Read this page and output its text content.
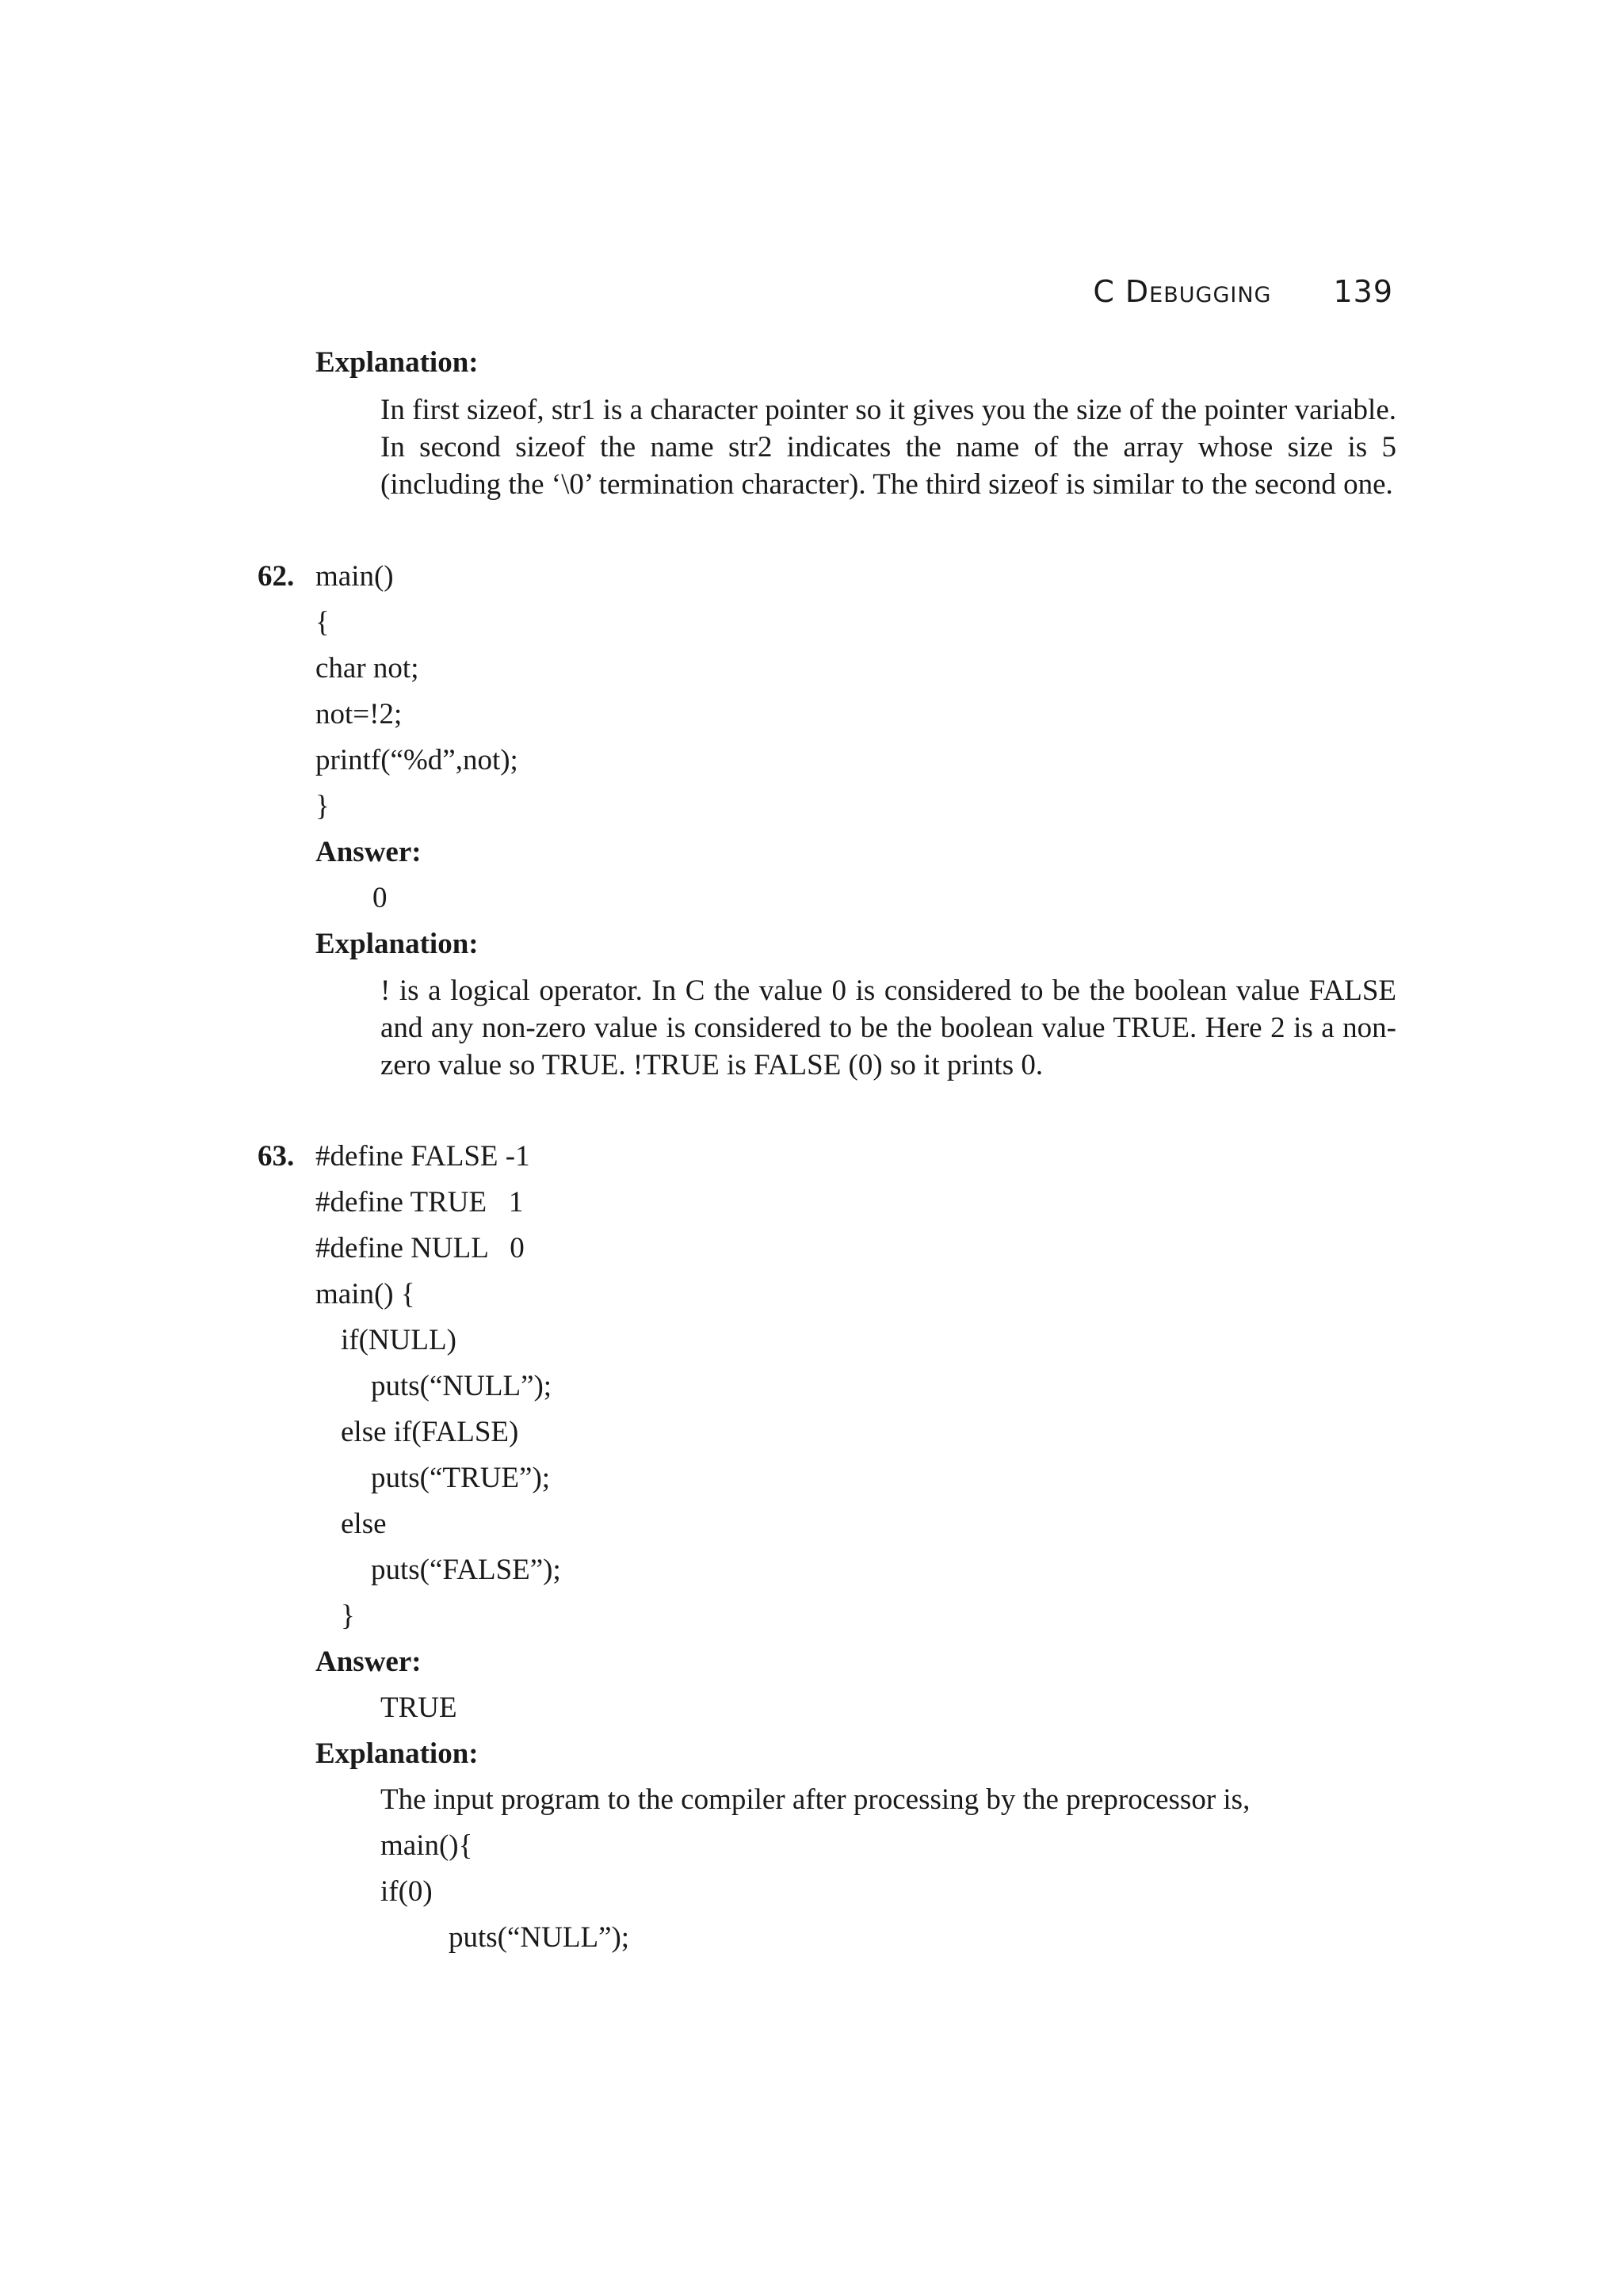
C Debugging 139
Explanation:
In first sizeof, str1 is a character pointer so it gives you the size of the pointer variable. In second sizeof the name str2 indicates the name of the array whose size is 5 (including the ‘\0’ termination character). The third sizeof is similar to the second one.
62. main()
{
char not;
not=!2;
printf(“%d”,not);
}
Answer:
0
Explanation:
! is a logical operator. In C the value 0 is considered to be the boolean value FALSE and any non-zero value is considered to be the boolean value TRUE. Here 2 is a non-zero value so TRUE. !TRUE is FALSE (0) so it prints 0.
63. #define FALSE -1
#define TRUE   1
#define NULL   0
main() {
if(NULL)
puts(“NULL”);
else if(FALSE)
puts(“TRUE”);
else
puts(“FALSE”);
}
Answer:
TRUE
Explanation:
The input program to the compiler after processing by the preprocessor is,
main(){
if(0)
puts(“NULL”);
